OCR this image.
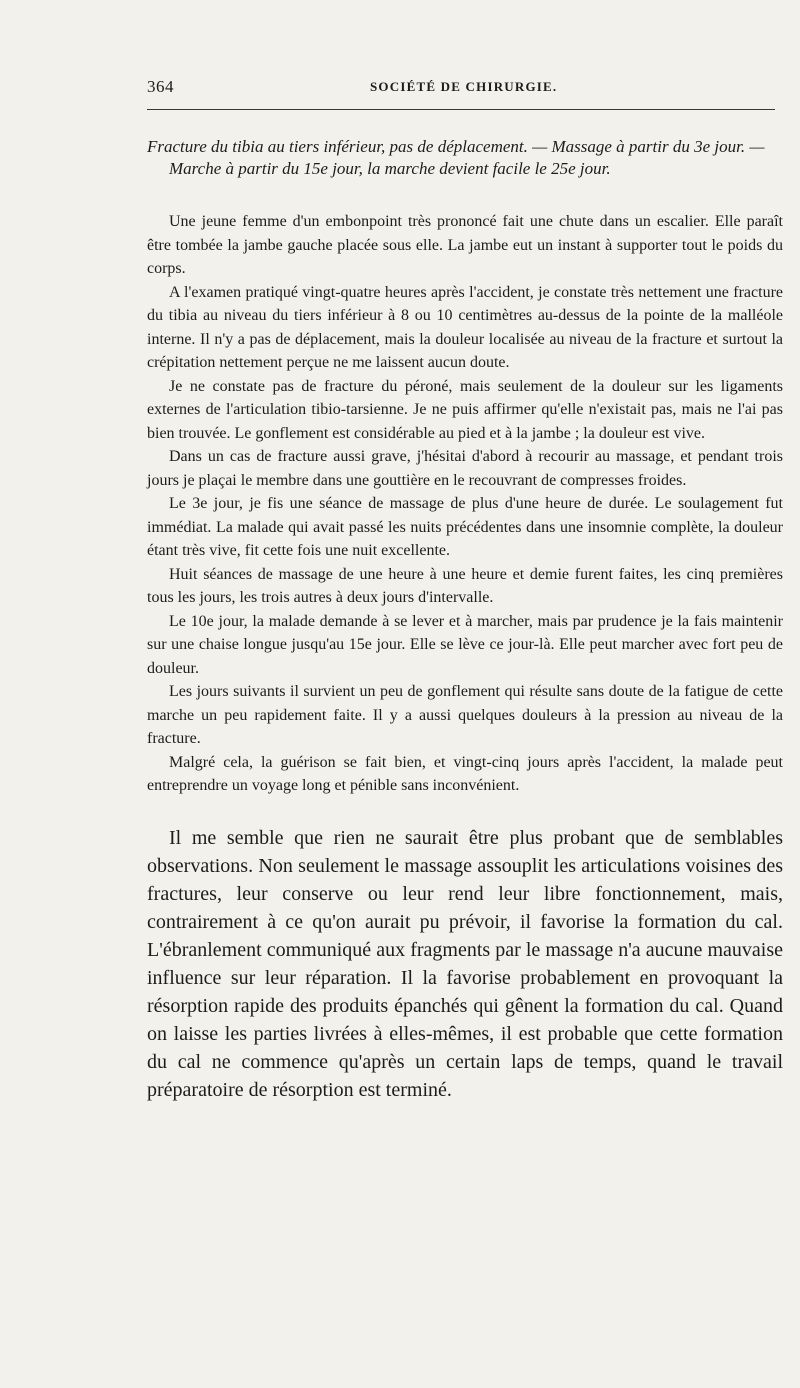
364	SOCIÉTÉ DE CHIRURGIE.

Fracture du tibia au tiers inférieur, pas de déplacement. — Massage à partir du 3e jour. — Marche à partir du 15e jour, la marche devient facile le 25e jour.

Une jeune femme d'un embonpoint très prononcé fait une chute dans un escalier. Elle paraît être tombée la jambe gauche placée sous elle. La jambe eut un instant à supporter tout le poids du corps.

A l'examen pratiqué vingt-quatre heures après l'accident, je constate très nettement une fracture du tibia au niveau du tiers inférieur à 8 ou 10 centimètres au-dessus de la pointe de la malléole interne. Il n'y a pas de déplacement, mais la douleur localisée au niveau de la fracture et surtout la crépitation nettement perçue ne me laissent aucun doute.

Je ne constate pas de fracture du péroné, mais seulement de la douleur sur les ligaments externes de l'articulation tibio-tarsienne. Je ne puis affirmer qu'elle n'existait pas, mais ne l'ai pas bien trouvée. Le gonflement est considérable au pied et à la jambe ; la douleur est vive.

Dans un cas de fracture aussi grave, j'hésitai d'abord à recourir au massage, et pendant trois jours je plaçai le membre dans une gouttière en le recouvrant de compresses froides.

Le 3e jour, je fis une séance de massage de plus d'une heure de durée. Le soulagement fut immédiat. La malade qui avait passé les nuits précédentes dans une insomnie complète, la douleur étant très vive, fit cette fois une nuit excellente.

Huit séances de massage de une heure à une heure et demie furent faites, les cinq premières tous les jours, les trois autres à deux jours d'intervalle.

Le 10e jour, la malade demande à se lever et à marcher, mais par prudence je la fais maintenir sur une chaise longue jusqu'au 15e jour. Elle se lève ce jour-là. Elle peut marcher avec fort peu de douleur.

Les jours suivants il survient un peu de gonflement qui résulte sans doute de la fatigue de cette marche un peu rapidement faite. Il y a aussi quelques douleurs à la pression au niveau de la fracture.

Malgré cela, la guérison se fait bien, et vingt-cinq jours après l'accident, la malade peut entreprendre un voyage long et pénible sans inconvénient.

Il me semble que rien ne saurait être plus probant que de semblables observations. Non seulement le massage assouplit les articulations voisines des fractures, leur conserve ou leur rend leur libre fonctionnement, mais, contrairement à ce qu'on aurait pu prévoir, il favorise la formation du cal. L'ébranlement communiqué aux fragments par le massage n'a aucune mauvaise influence sur leur réparation. Il la favorise probablement en provoquant la résorption rapide des produits épanchés qui gênent la formation du cal. Quand on laisse les parties livrées à elles-mêmes, il est probable que cette formation du cal ne commence qu'après un certain laps de temps, quand le travail préparatoire de résorption est terminé.
